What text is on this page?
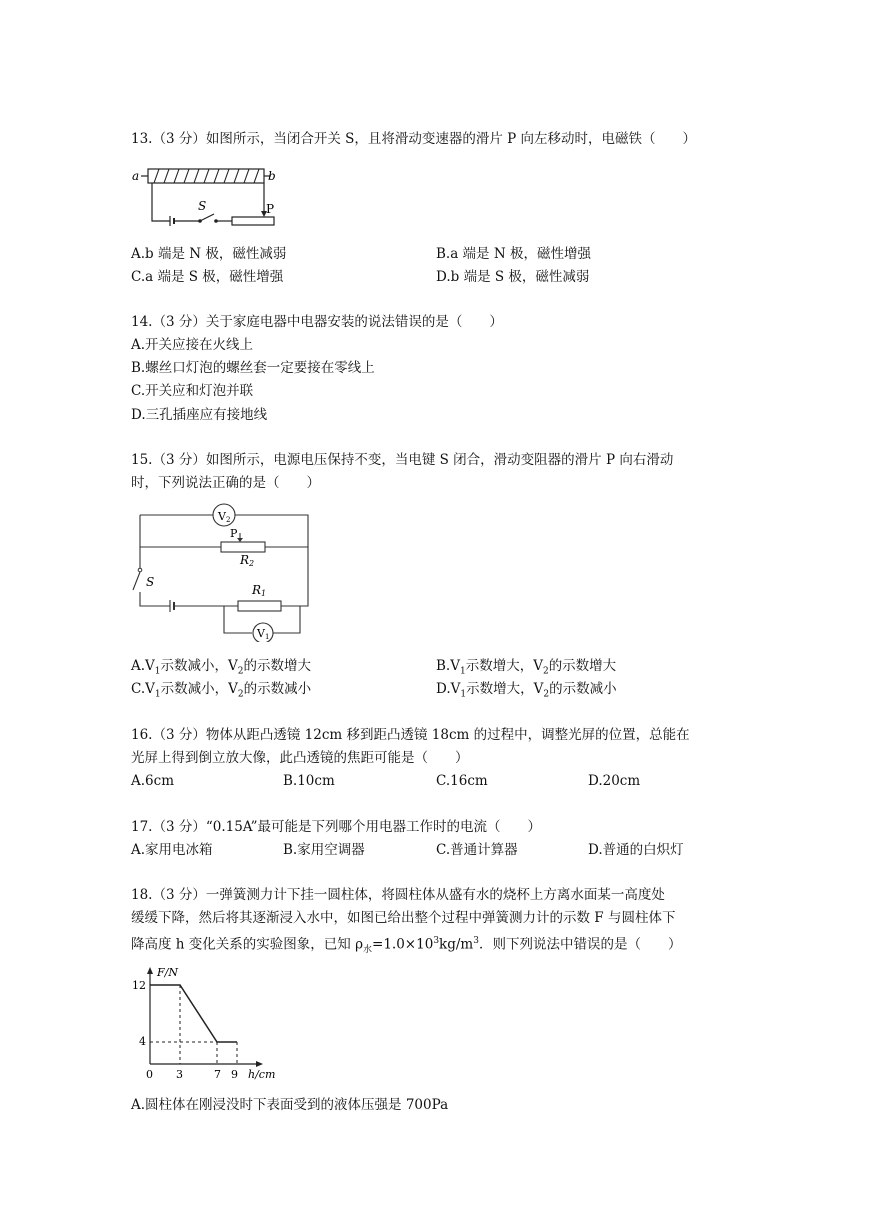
13.（3 分）如图所示，当闭合开关 S，且将滑动变速器的滑片 P 向左移动时，电磁铁（　　）
a	b
S	P
A.b 端是 N 极，磁性减弱	B.a 端是 N 极，磁性增强
C.a 端是 S 极，磁性增强	D.b 端是 S 极，磁性减弱
14.（3 分）关于家庭电器中电器安装的说法错误的是（　　）
A.开关应接在火线上
B.螺丝口灯泡的螺丝套一定要接在零线上
C.开关应和灯泡并联
D.三孔插座应有接地线
15.（3 分）如图所示，电源电压保持不变，当电键 S 闭合，滑动变阻器的滑片 P 向右滑动
时，下列说法正确的是（　　）
V2
P
R2
S
R1
V1
$A.V_1$示数减小，$V_2$的示数增大	$B.V_1$示数增大，$V_2$的示数增大
$C.V_1$示数减小，$V_2$的示数减小	$D.V_1$示数增大，$V_2$的示数减小
16.（3 分）物体从距凸透镜 12cm 移到距凸透镜 18cm 的过程中，调整光屏的位置，总能在
光屏上得到倒立放大像，此凸透镜的焦距可能是（　　）
A.6cm	B.10cm	C.16cm	D.20cm
17.（3 分）“0.15A”最可能是下列哪个用电器工作时的电流（　　）
A.家用电冰箱	B.家用空调器	C.普通计算器	D.普通的白炽灯
18.（3 分）一弹簧测力计下挂一圆柱体，将圆柱体从盛有水的烧杯上方离水面某一高度处
缓缓下降，然后将其逐渐浸入水中，如图已给出整个过程中弹簧测力计的示数 F 与圆柱体下
降高度 h 变化关系的实验图象，已知 $\rho_水=1.0\times 10^3kg/m^3$．则下列说法中错误的是（　　）
F/N
h/cm
12
4
0 3	7 9
A.圆柱体在刚浸没时下表面受到的液体压强是 700Pa
